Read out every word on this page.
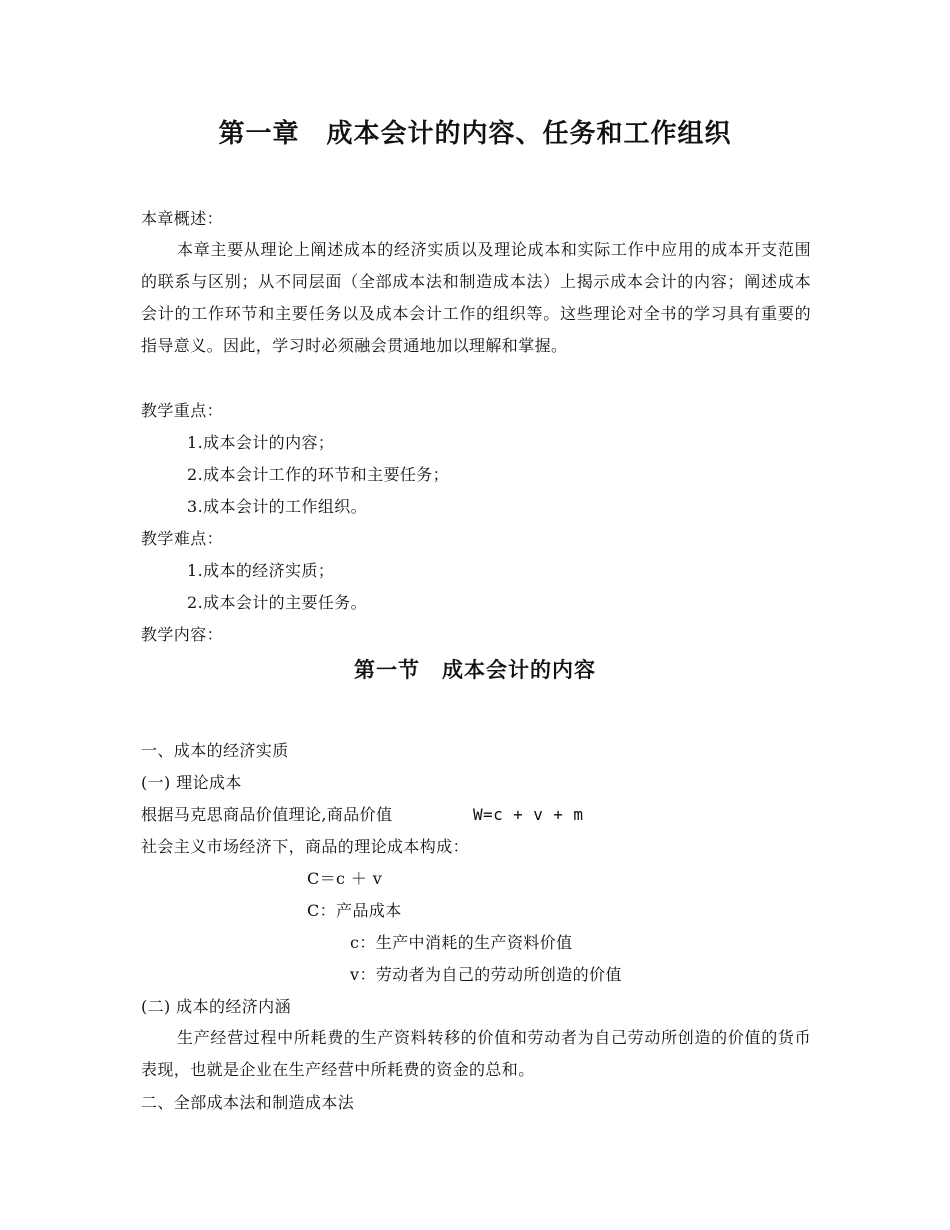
第一章　成本会计的内容、任务和工作组织
本章概述：
本章主要从理论上阐述成本的经济实质以及理论成本和实际工作中应用的成本开支范围的联系与区别；从不同层面（全部成本法和制造成本法）上揭示成本会计的内容；阐述成本会计的工作环节和主要任务以及成本会计工作的组织等。这些理论对全书的学习具有重要的指导意义。因此，学习时必须融会贯通地加以理解和掌握。
教学重点：
1.成本会计的内容；
2.成本会计工作的环节和主要任务；
3.成本会计的工作组织。
教学难点：
1.成本的经济实质；
2.成本会计的主要任务。
教学内容：
第一节　成本会计的内容
一、成本的经济实质
(一) 理论成本
根据马克思商品价值理论,商品价值	W=c + v + m
社会主义市场经济下，商品的理论成本构成：
C＝c ＋ v
C：产品成本
c：生产中消耗的生产资料价值
v：劳动者为自己的劳动所创造的价值
(二) 成本的经济内涵
生产经营过程中所耗费的生产资料转移的价值和劳动者为自己劳动所创造的价值的货币表现，也就是企业在生产经营中所耗费的资金的总和。
二、全部成本法和制造成本法
